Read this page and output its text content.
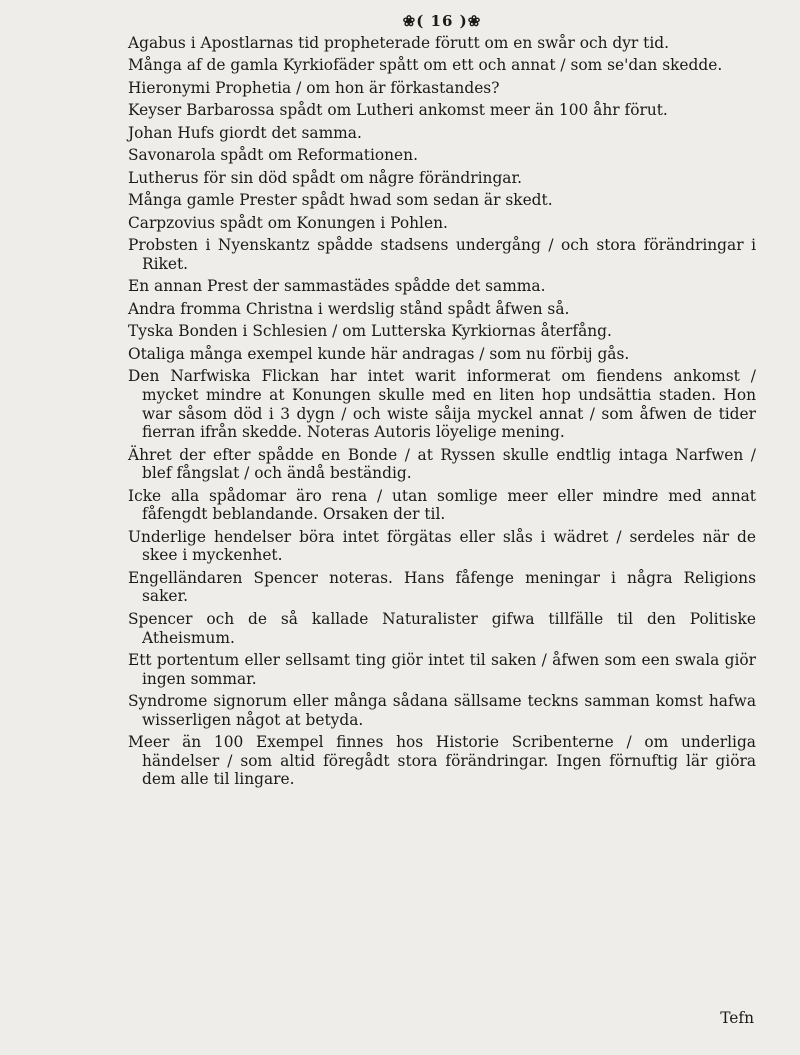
❀( 16 )❀

Agabus i Apostlarnas tid propheterade förutt om en swår och dyr tid.

Många af de gamla Kyrkiofäder spått om ett och annat / som se'dan skedde.

Hieronymi Prophetia / om hon är förkastandes?

Keyser Barbarossa spådt om Lutheri ankomst meer än 100 åhr förut.

Johan Hufs giordt det samma.

Savonarola spådt om Reformationen.

Lutherus för sin död spådt om någre förändringar.

Många gamle Prester spådt hwad som sedan är skedt.

Carpzovius spådt om Konungen i Pohlen.

Probsten i Nyenskantz spådde stadsens undergång / och stora förändringar i Riket.

En annan Prest der sammastädes spådde det samma.

Andra fromma Christna i werdslig stånd spådt åfwen så.

Tyska Bonden i Schlesien / om Lutterska Kyrkiornas återfång.

Otaliga många exempel kunde här andragas / som nu förbij gås.

Den Narfwiska Flickan har intet warit informerat om fiendens ankomst / mycket mindre at Konungen skulle med en liten hop undsättia staden. Hon war såsom död i 3 dygn / och wiste såija myckel annat / som åfwen de tider fierran ifrån skedde. Noteras Autoris löyelige mening.

Ähret der efter spådde en Bonde / at Ryssen skulle endtlig intaga Narfwen / blef fångslat / och ändå beständig.

Icke alla spådomar äro rena / utan somlige meer eller mindre med annat fåfengdt beblandande. Orsaken der til.

Underlige hendelser böra intet förgätas eller slås i wädret / serdeles när de skee i myckenhet.

Engelländaren Spencer noteras. Hans fåfenge meningar i några Religions saker.

Spencer och de så kallade Naturalister gifwa tillfälle til den Politiske Atheismum.

Ett portentum eller sellsamt ting giör intet til saken / åfwen som een swala giör ingen sommar.

Syndrome signorum eller många sådana sällsame teckns samman komst hafwa wisserligen något at betyda.

Meer än 100 Exempel finnes hos Historie Scribenterne / om underliga händelser / som altid föregådt stora förändringar. Ingen förnuftig lär giöra dem alle til lingare.

Tefn
